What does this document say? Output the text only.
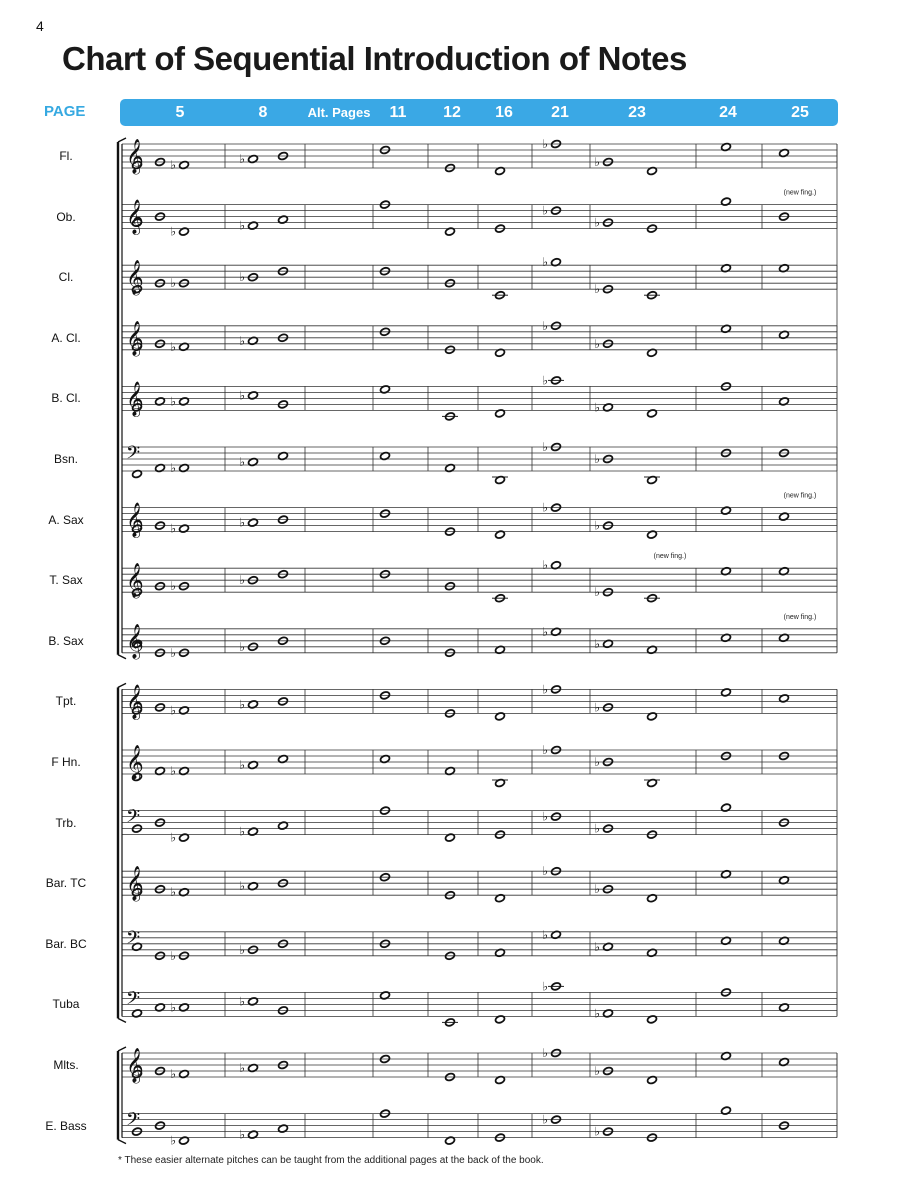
4
Chart of Sequential Introduction of Notes
PAGE	5	8	Alt. Pages 11 12 16 21	23	24	25
Fl.
Ob.
Cl.
A. Cl.
B. Cl.
Bsn.
A. Sax
T. Sax
B. Sax
Tpt.
F Hn.
Trb.
Bar. TC
Bar. BC
Tuba
Mlts.
E. Bass
𝄞 ♭	♭
♭
♭
𝄞 ♭	♭
♭
♭
𝄞 ♭	♭
♭
♭
𝄞 ♭	♭
♭
♭
𝄞 ♭	♭
♭
♭
𝄢	♭	♭
♭
♭
𝄞 ♭	♭
♭
♭
𝄞 ♭	♭
♭
♭
𝄞 ♭	♭
♭
♭
𝄞 ♭	♭
♭
♭
𝄞 ♭	♭
♭
♭
𝄢
♭	♭
♭
♭
𝄞 ♭	♭
♭
♭
𝄢
♭	♭
♭
♭
𝄢	♭	♭
♭
♭
𝄞 ♭	♭
♭
♭
𝄢
♭	♭
♭
♭
(new fing.)
(new fing.)
(new fing.)
(new fing.)
* These easier alternate pitches can be taught from the additional pages at the back of the book.
